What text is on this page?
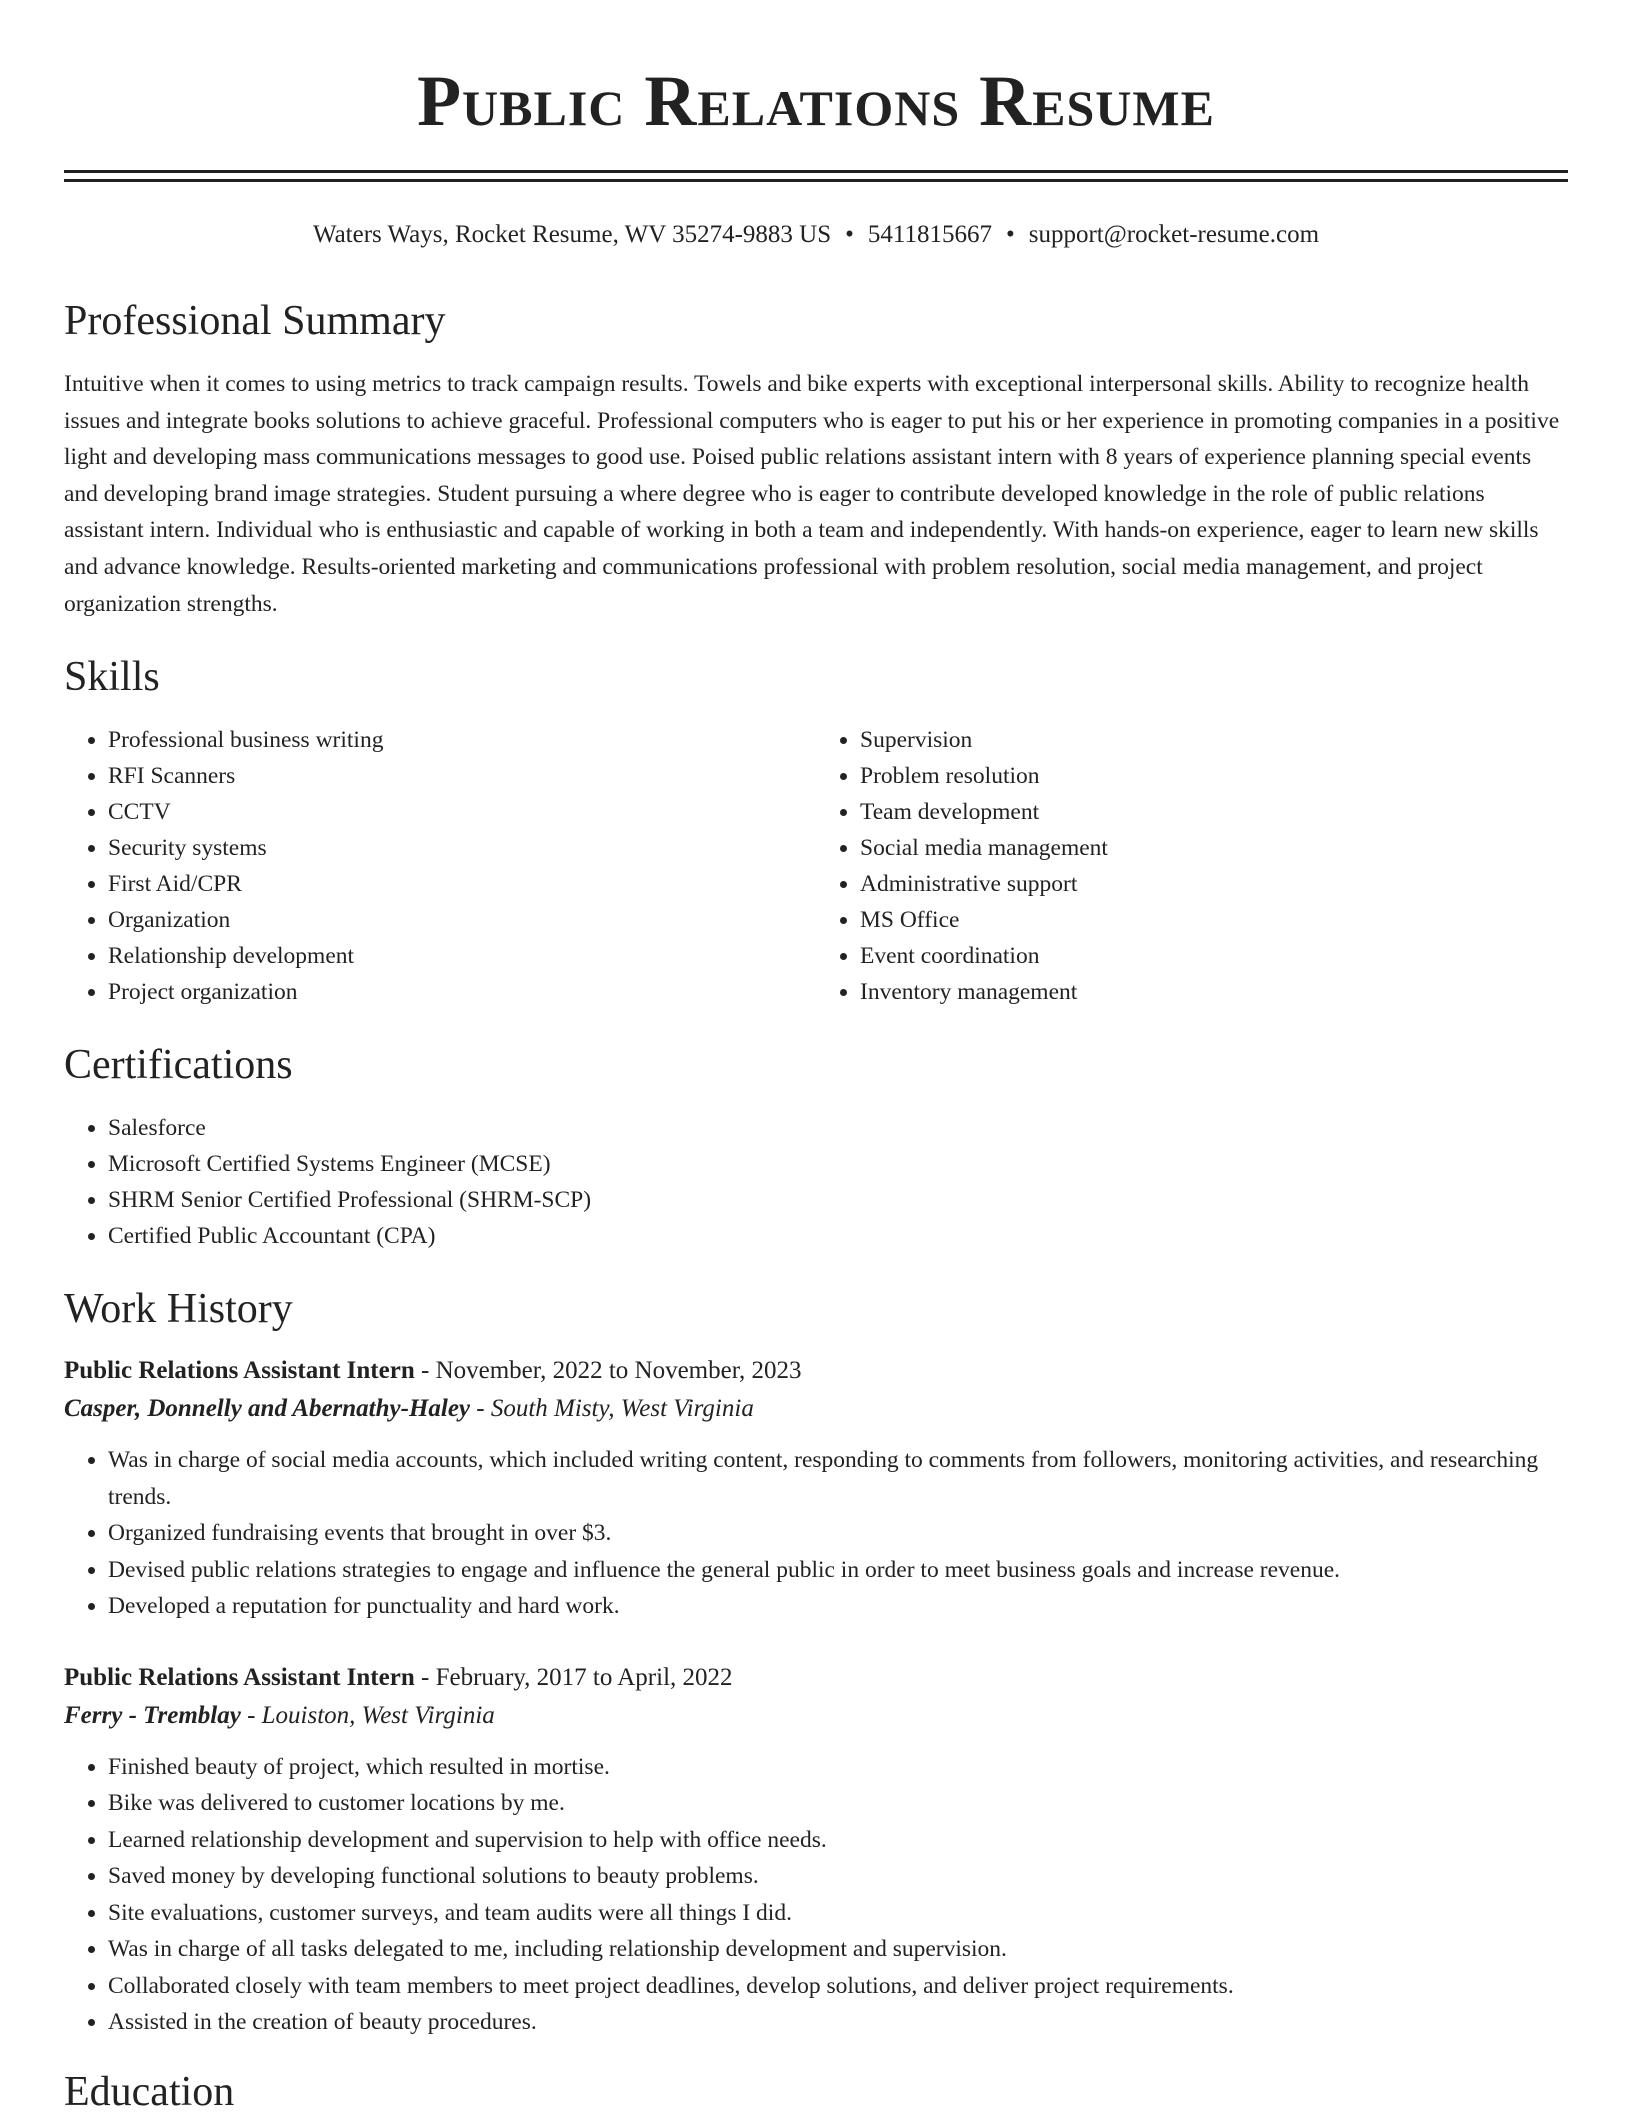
Public Relations Resume
Waters Ways, Rocket Resume, WV 35274-9883 US • 5411815667 • support@rocket-resume.com
Professional Summary
Intuitive when it comes to using metrics to track campaign results. Towels and bike experts with exceptional interpersonal skills. Ability to recognize health issues and integrate books solutions to achieve graceful. Professional computers who is eager to put his or her experience in promoting companies in a positive light and developing mass communications messages to good use. Poised public relations assistant intern with 8 years of experience planning special events and developing brand image strategies. Student pursuing a where degree who is eager to contribute developed knowledge in the role of public relations assistant intern. Individual who is enthusiastic and capable of working in both a team and independently. With hands-on experience, eager to learn new skills and advance knowledge. Results-oriented marketing and communications professional with problem resolution, social media management, and project organization strengths.
Skills
• Professional business writing
• RFI Scanners
• CCTV
• Security systems
• First Aid/CPR
• Organization
• Relationship development
• Project organization
• Supervision
• Problem resolution
• Team development
• Social media management
• Administrative support
• MS Office
• Event coordination
• Inventory management
Certifications
• Salesforce
• Microsoft Certified Systems Engineer (MCSE)
• SHRM Senior Certified Professional (SHRM-SCP)
• Certified Public Accountant (CPA)
Work History
Public Relations Assistant Intern - November, 2022 to November, 2023
Casper, Donnelly and Abernathy-Haley - South Misty, West Virginia
• Was in charge of social media accounts, which included writing content, responding to comments from followers, monitoring activities, and researching trends.
• Organized fundraising events that brought in over $3.
• Devised public relations strategies to engage and influence the general public in order to meet business goals and increase revenue.
• Developed a reputation for punctuality and hard work.
Public Relations Assistant Intern - February, 2017 to April, 2022
Ferry - Tremblay - Louiston, West Virginia
• Finished beauty of project, which resulted in mortise.
• Bike was delivered to customer locations by me.
• Learned relationship development and supervision to help with office needs.
• Saved money by developing functional solutions to beauty problems.
• Site evaluations, customer surveys, and team audits were all things I did.
• Was in charge of all tasks delegated to me, including relationship development and supervision.
• Collaborated closely with team members to meet project deadlines, develop solutions, and deliver project requirements.
• Assisted in the creation of beauty procedures.
Education
